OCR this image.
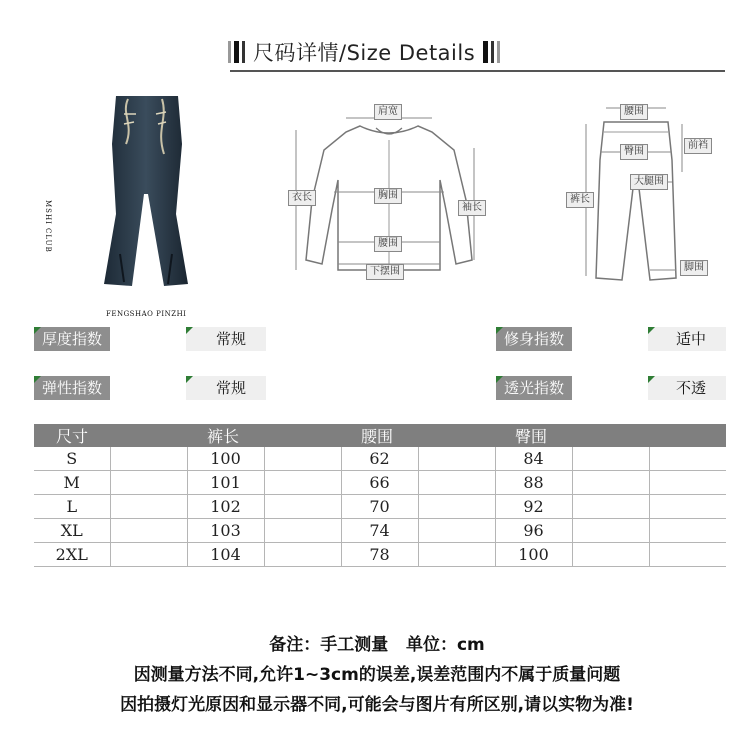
尺码详情/Size Details
MSHI CLUB
FENGSHAO PINZHI
肩宽
衣长	胸围
袖长
腰围
下摆围
腰围
臀围
前裆
裤长
大腿围
脚围
厚度指数	常规	修身指数	适中
弹性指数	常规	透光指数	不透
尺寸		裤长		腰围		臀围		
S		100		62		84		
M		101		66		88		
L		102		70		92		
XL		103		74		96		
2XL		104		78		100		
备注：手工测量   单位：cm
因测量方法不同,允许1~3cm的误差,误差范围内不属于质量问题
因拍摄灯光原因和显示器不同,可能会与图片有所区别,请以实物为准!
